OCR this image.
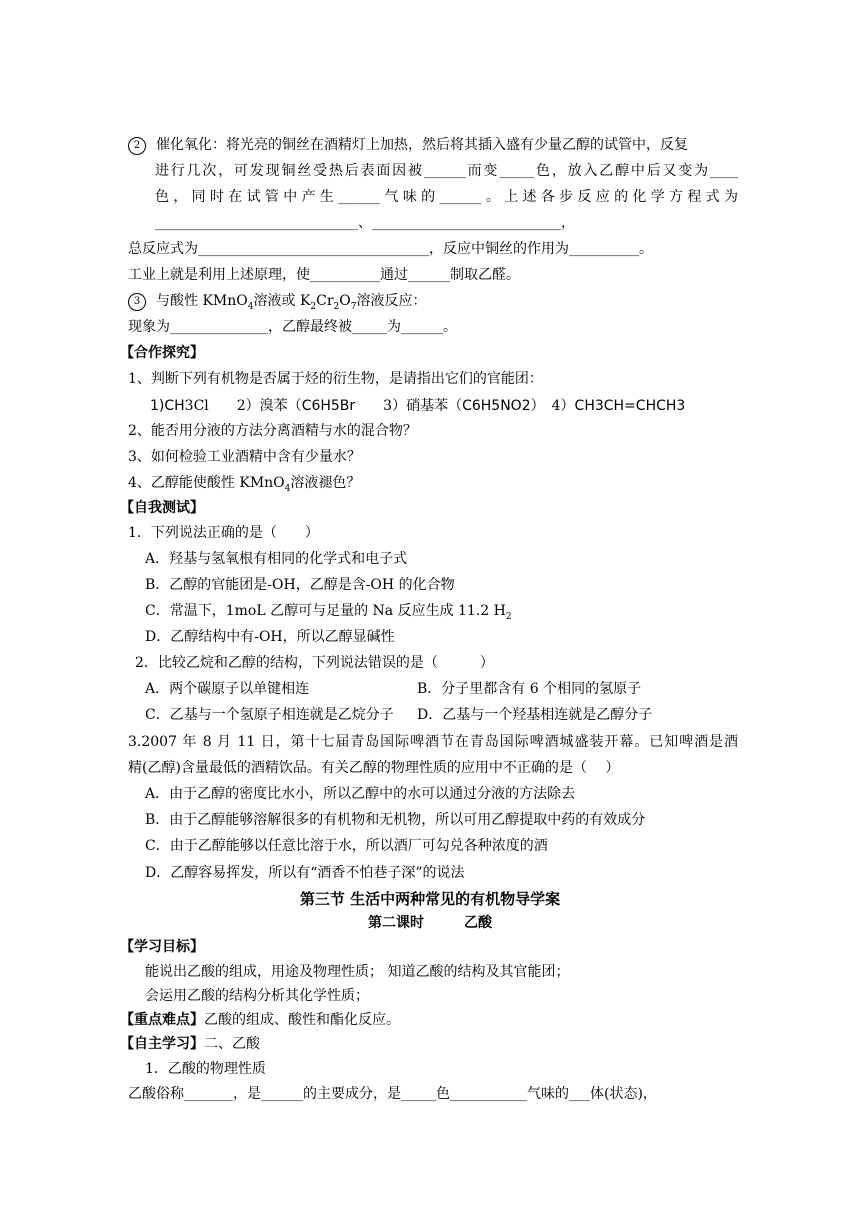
2 催化氧化：将光亮的铜丝在酒精灯上加热，然后将其插入盛有少量乙醇的试管中，反复
进行几次，可发现铜丝受热后表面因被______而变_____色，放入乙醇中后又变为____
色，同时在试管中产生______气味的______。上述各步反应的化学方程式为
_____________________________、___________________________，
总反应式为_________________________________，反应中铜丝的作用为__________。
工业上就是利用上述原理，使__________通过______制取乙醛。
3 与酸性 KMnO$_4$溶液或 $K_2Cr_2O_7$溶液反应：
现象为______________，乙醇最终被_____为______。
【合作探究】
1、判断下列有机物是否属于烃的衍生物，是请指出它们的官能团：
1)CH3Cl　　2）溴苯（C6H5Br　　3）硝基苯（C6H5NO2）　4）CH3CH=CHCH3
2、能否用分液的方法分离酒精与水的混合物？
3、如何检验工业酒精中含有少量水？
4、乙醇能使酸性 KMnO$_4$溶液褪色？
【自我测试】
1．下列说法正确的是（　　）
A．羟基与氢氧根有相同的化学式和电子式
B．乙醇的官能团是-OH，乙醇是含-OH 的化合物
C．常温下，1moL 乙醇可与足量的 Na 反应生成 11.2 $H_2$
D．乙醇结构中有-OH，所以乙醇显碱性
2．比较乙烷和乙醇的结构，下列说法错误的是（　　　）
A．两个碳原子以单键相连	B．分子里都含有 6 个相同的氢原子
C．乙基与一个氢原子相连就是乙烷分子 D．乙基与一个羟基相连就是乙醇分子
3.2007 年 8 月 11 日，第十七届青岛国际啤酒节在青岛国际啤酒城盛装开幕。已知啤酒是酒
精(乙醇)含量最低的酒精饮品。有关乙醇的物理性质的应用中不正确的是（　 ）
A．由于乙醇的密度比水小，所以乙醇中的水可以通过分液的方法除去
B．由于乙醇能够溶解很多的有机物和无机物，所以可用乙醇提取中药的有效成分
C．由于乙醇能够以任意比溶于水，所以酒厂可勾兑各种浓度的酒
D．乙醇容易挥发，所以有“酒香不怕巷子深”的说法
第三节 生活中两种常见的有机物导学案
第二课时	乙酸
【学习目标】
能说出乙酸的组成，用途及物理性质； 知道乙酸的结构及其官能团；
会运用乙酸的结构分析其化学性质；
【重点难点】乙酸的组成、酸性和酯化反应。
【自主学习】二、乙酸
1．乙酸的物理性质
乙酸俗称_______，是______的主要成分，是_____色___________气味的___体(状态)，
